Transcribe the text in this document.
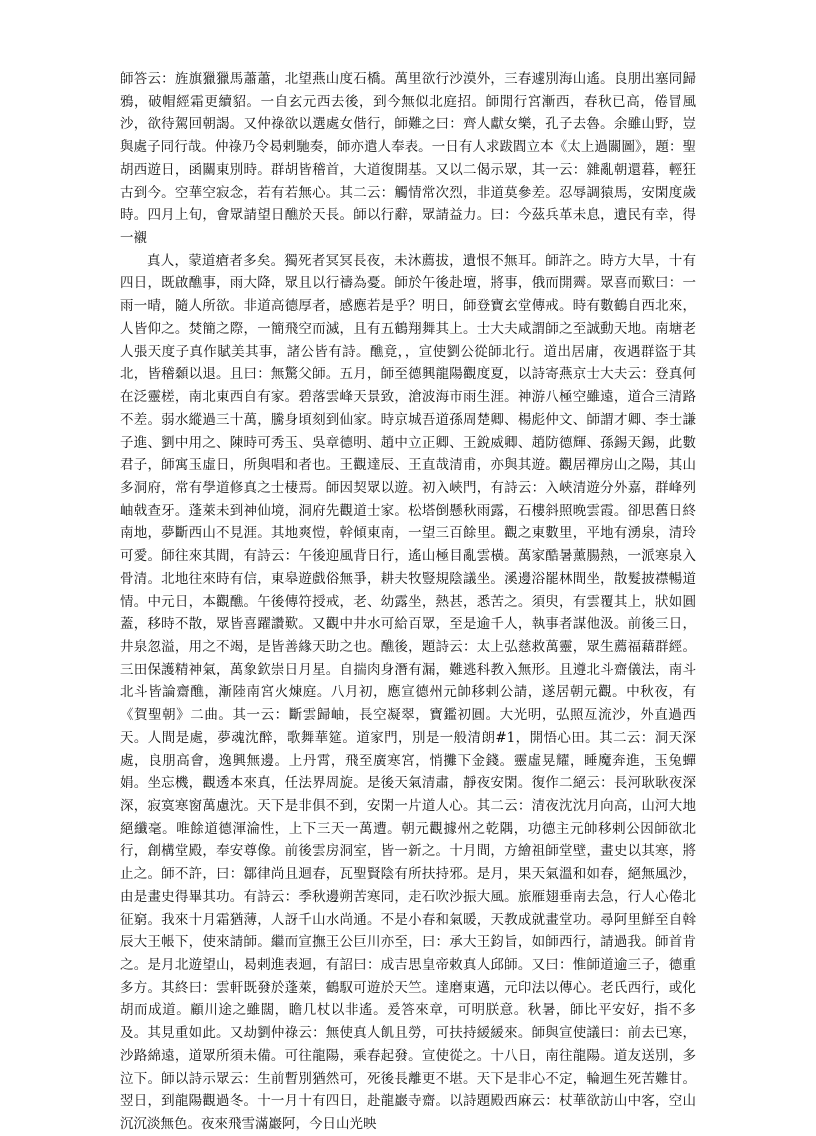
師答云：旌旗獵獵馬蕭蕭，北望燕山度石橋。萬里欲行沙漠外，三春遽別海山遙。良朋出塞同歸鴉，破帽經霜更續貂。一自玄元西去後，到今無似北庭招。師閒行宮漸西，春秋已高，倦冒風沙，欲待駕回朝謁。又仲祿欲以選處女偕行，師難之曰：齊人獻女樂，孔子去魯。余雖山野，豈與處子同行哉。仲祿乃令曷剌馳奏，師亦遣人奉表。一日有人求跋閻立本《太上過關圖》，題：聖胡西遊日，函關東別時。群胡皆稽首，大道復開基。又以二偈示眾，其一云：雜亂朝還暮，輕狂古到今。空華空寂念，若有若無心。其二云：觸情常次烈，非道莫參差。忍辱調猿馬，安閑度歲時。四月上旬，會眾請望日醮於天長。師以行辭，眾請益力。曰：今茲兵革未息，遺民有幸，得一襯

真人，蒙道瘡者多矣。獨死者冥冥長夜，未沐薦拔，遺恨不無耳。師許之。時方大旱，十有四日，既啟醮事，雨大降，眾且以行禱為憂。師於午後赴壇，將事，俄而開霽。眾喜而歎曰：一雨一晴，隨人所欲。非道高德厚者，感應若是乎？明日，師登寶玄堂傳戒。時有數鶴自西北來，人皆仰之。焚簡之際，一簡飛空而滅，且有五鶴翔舞其上。士大夫咸謂師之至誠動天地。南塘老人張天度子真作賦美其事，諸公皆有詩。醮竟，，宣使劉公從師北行。道出居庸，夜遇群盜于其北，皆稽顙以退。且曰：無驚父師。五月，師至德興龍陽觀度夏，以詩寄燕京士大夫云：登真何在泛靈槎，南北東西自有家。碧落雲峰天景致，滄波海市雨生涯。神游八極空雖遠，道合三清路不差。弱水縱過三十萬，騰身頃刻到仙家。時京城吾道孫周楚卿、楊彪仲文、師謂才卿、李士謙子進、劉中用之、陳時可秀玉、吳章德明、趙中立正卿、王銳威卿、趙防德輝、孫錫天錫，此數君子，師寓玉虛日，所與唱和者也。王觀達辰、王直哉清甫，亦與其遊。觀居禪房山之陽，其山多洞府，常有學道修真之士棲焉。師因契眾以遊。初入峽門，有詩云：入峽清遊分外嘉，群峰列岫戟查牙。蓬萊未到神仙境，洞府先觀道士家。松塔倒懸秋雨露，石樓斜照晚雲霞。卻思舊日終南地，夢斷西山不見涯。其地爽愷，幹傾東南，一望三百餘里。觀之東數里，平地有湧泉，清玲可愛。師往來其間，有詩云：午後迎風背日行，遙山極目亂雲橫。萬家酷暑薰腸熱，一派寒泉入骨清。北地往來時有信，東皋遊戲俗無爭，耕夫牧豎規陰議坐。溪邊浴罷林間坐，散髮披襟暢道情。中元日，本觀醮。午後傳符授戒，老、幼露坐，熱甚，悉苦之。須臾，有雲覆其上，狀如圓蓋，移時不散，眾皆喜躍讚歎。又觀中井水可給百眾，至是逾千人，執事者謀他汲。前後三日，井泉忽溢，用之不竭，是皆善緣天助之也。醮後，題詩云：太上弘慈救萬靈，眾生薦福藉群經。三田保護精神氣，萬象欽崇日月星。自揣肉身潛有漏，難逃科教入無形。且遵北斗齋儀法，南斗北斗皆論齋醮，漸陸南宮火煉庭。八月初，應宣德州元帥移剌公請，遂居朝元觀。中秋夜，有《賀聖朝》二曲。其一云：斷雲歸岫，長空凝翠，寶鑑初圓。大光明，弘照亙流沙，外直過西天。人間是處，夢魂沈醉，歌舞華筵。道家門，別是一般清朗#1，開悟心田。其二云：洞天深處，良朋高會，逸興無邊。上丹霄，飛至廣寒宮，悄攤下金錢。靈虛晃耀，睡魔奔進，玉兔蟬娟。坐忘機，觀透本來真，任法界周旋。是後天氣清肅，靜夜安閑。復作二絕云：長河耿耿夜深深，寂寞寒窗萬慮沈。天下是非俱不到，安閑一片道人心。其二云：清夜沈沈月向高，山河大地絕纖毫。唯餘道德渾淪性，上下三天一萬遭。朝元觀據州之乾隅，功德主元帥移剌公因師欲北行，創構堂殿，奉安尊像。前後雲房洞室，皆一新之。十月間，方繪祖師堂壁，畫史以其寒，將止之。師不許，曰：鄒律尚且迴春，瓦聖賢陰有所扶持邪。是月，果天氣溫和如春，絕無風沙，由是畫史得畢其功。有詩云：季秋邊朔苦寒同，走石吹沙振大風。旅雁翅垂南去急，行人心倦北征窮。我來十月霜猶薄，人訝千山水尚通。不是小春和氣暖，天教成就畫堂功。尋阿里鮮至自斡辰大王帳下，使來請師。繼而宣撫王公巨川亦至，曰：承大王鈞旨，如師西行，請過我。師首肯之。是月北遊望山，曷剌進表迴，有詔曰：成吉思皇帝敕真人邱師。又曰：惟師道逾三子，德重多方。其終曰：雲軒既發於蓬萊，鶴馭可遊於天竺。達磨東邁，元印法以傳心。老氏西行，或化胡而成道。顧川途之雖闊，瞻几杖以非遙。爰答來章，可明朕意。秋暑，師比平安好，指不多及。其見重如此。又劫劉仲祿云：無使真人飢且勞，可扶持緩緩來。師與宣使議曰：前去已寒，沙路綿遠，道眾所須未備。可往龍陽，乘春起發。宣使從之。十八日，南往龍陽。道友送別，多泣下。師以詩示眾云：生前暫別猶然可，死後長離更不堪。天下是非心不定，輪迴生死苦難甘。翌日，到龍陽觀過冬。十一月十有四日，赴龍巖寺齋。以詩題殿西麻云：杖華欲訪山中客，空山沉沉淡無色。夜來飛雪滿巖阿，今日山光映
